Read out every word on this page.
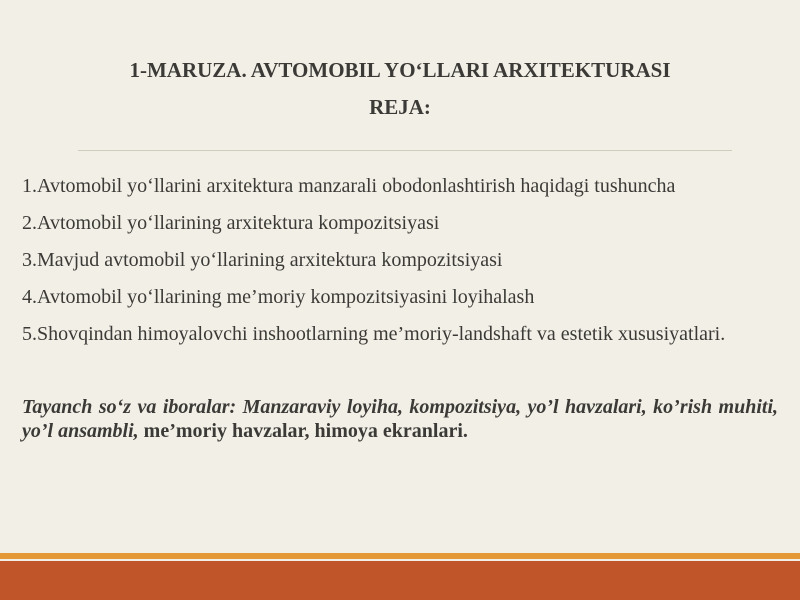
1-MARUZA. AVTOMOBIL YO‘LLARI ARXITEKTURASI
REJA:

1.Avtomobil yo‘llarini arxitektura manzarali obodonlashtirish haqidagi tushuncha

2.Avtomobil yo‘llarining arxitektura kompozitsiyasi

3.Mavjud avtomobil yo‘llarining arxitektura kompozitsiyasi

4.Avtomobil yo‘llarining me’moriy kompozitsiyasini loyihalash

5.Shovqindan himoyalovchi inshootlarning me’moriy-landshaft va estetik xususiyatlari.

Tayanch so‘z va iboralar: Manzaraviy loyiha, kompozitsiya, yo’l havzalari, ko’rish muhiti, yo’l ansambli, me’moriy havzalar, himoya ekranlari.
